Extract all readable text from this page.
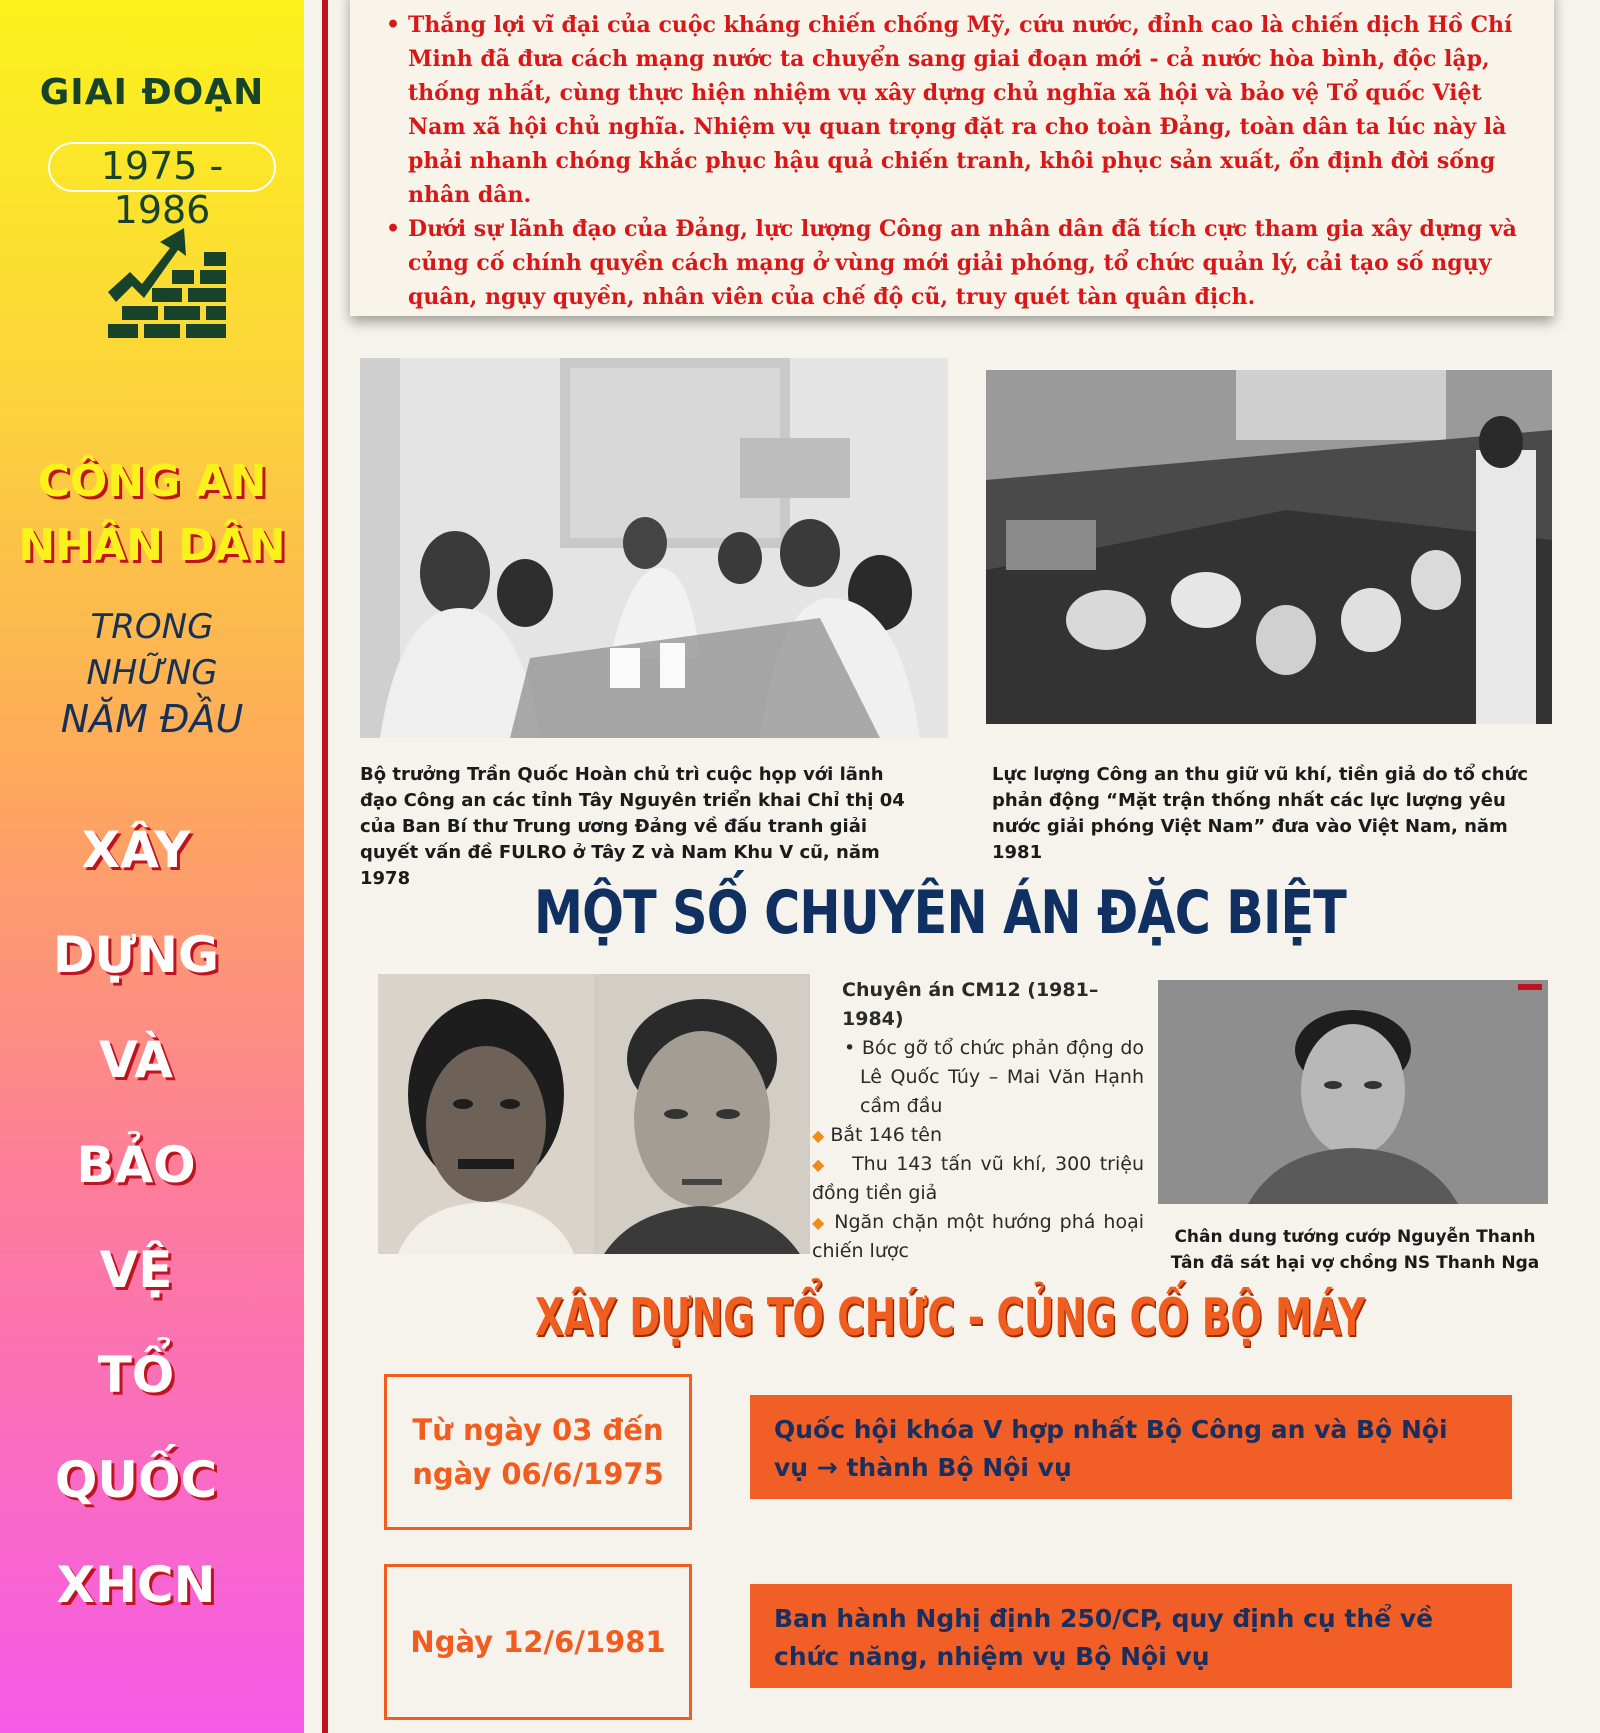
GIAI ĐOẠN
1975 - 1986
CÔNG AN
NHÂN DÂN
TRONG
NHỮNG
NĂM ĐẦU
XÂY
DỰNG
VÀ
BẢO
VỆ
TỔ
QUỐC
XHCN
• Thắng lợi vĩ đại của cuộc kháng chiến chống Mỹ, cứu nước, đỉnh cao là chiến dịch Hồ Chí Minh đã đưa cách mạng nước ta chuyển sang giai đoạn mới - cả nước hòa bình, độc lập, thống nhất, cùng thực hiện nhiệm vụ xây dựng chủ nghĩa xã hội và bảo vệ Tổ quốc Việt Nam xã hội chủ nghĩa. Nhiệm vụ quan trọng đặt ra cho toàn Đảng, toàn dân ta lúc này là phải nhanh chóng khắc phục hậu quả chiến tranh, khôi phục sản xuất, ổn định đời sống nhân dân.
• Dưới sự lãnh đạo của Đảng, lực lượng Công an nhân dân đã tích cực tham gia xây dựng và củng cố chính quyền cách mạng ở vùng mới giải phóng, tổ chức quản lý, cải tạo số ngụy quân, ngụy quyền, nhân viên của chế độ cũ, truy quét tàn quân địch.
Bộ trưởng Trần Quốc Hoàn chủ trì cuộc họp với lãnh đạo Công an các tỉnh Tây Nguyên triển khai Chỉ thị 04 của Ban Bí thư Trung ương Đảng về đấu tranh giải quyết vấn đề FULRO ở Tây Z và Nam Khu V cũ, năm 1978
Lực lượng Công an thu giữ vũ khí, tiền giả do tổ chức phản động “Mặt trận thống nhất các lực lượng yêu nước giải phóng Việt Nam” đưa vào Việt Nam, năm 1981
MỘT SỐ CHUYÊN ÁN ĐẶC BIỆT
Chuyên án CM12 (1981–1984)
• Bóc gỡ tổ chức phản động do Lê Quốc Túy – Mai Văn Hạnh cầm đầu
◆ Bắt 146 tên
◆ Thu 143 tấn vũ khí, 300 triệu đồng tiền giả
◆ Ngăn chặn một hướng phá hoại chiến lược
Chân dung tướng cướp Nguyễn Thanh Tân đã sát hại vợ chồng NS Thanh Nga
XÂY DỰNG TỔ CHỨC - CỦNG CỐ BỘ MÁY
Từ ngày 03 đến ngày 06/6/1975
Quốc hội khóa V hợp nhất Bộ Công an và Bộ Nội vụ → thành Bộ Nội vụ
Ngày 12/6/1981
Ban hành Nghị định 250/CP, quy định cụ thể về chức năng, nhiệm vụ Bộ Nội vụ
